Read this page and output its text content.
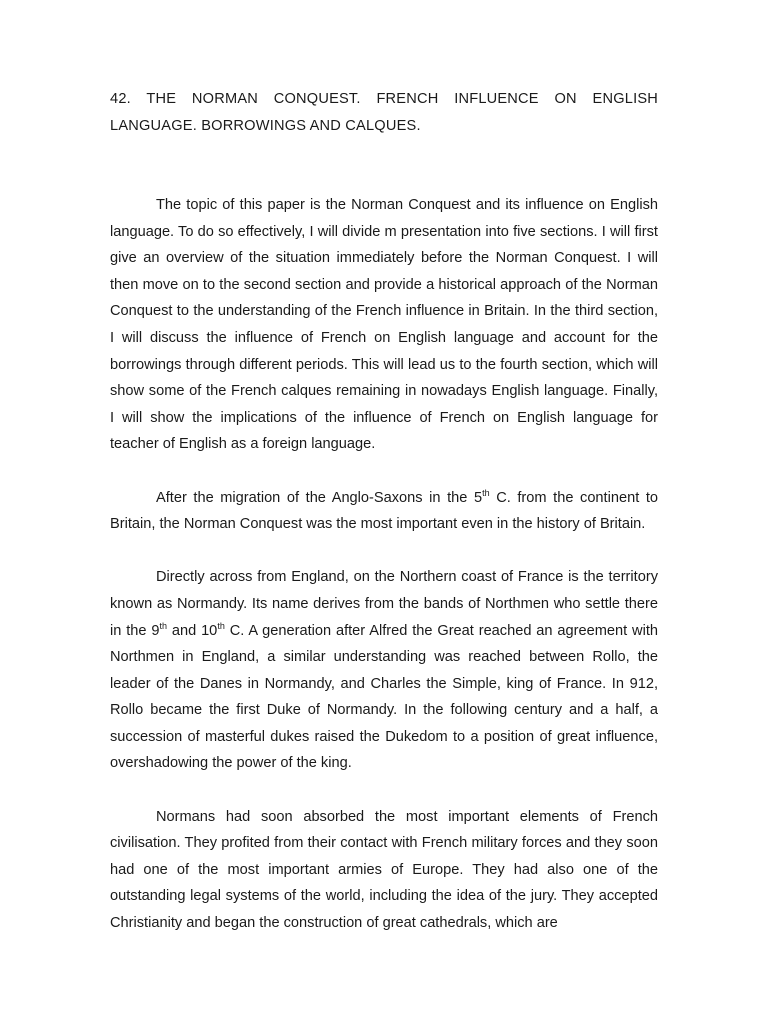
42. THE NORMAN CONQUEST. FRENCH INFLUENCE ON ENGLISH LANGUAGE. BORROWINGS AND CALQUES.

The topic of this paper is the Norman Conquest and its influence on English language. To do so effectively, I will divide m presentation into five sections. I will first give an overview of the situation immediately before the Norman Conquest. I will then move on to the second section and provide a historical approach of the Norman Conquest to the understanding of the French influence in Britain. In the third section, I will discuss the influence of French on English language and account for the borrowings through different periods. This will lead us to the fourth section, which will show some of the French calques remaining in nowadays English language. Finally, I will show the implications of the influence of French on English language for teacher of English as a foreign language.

After the migration of the Anglo-Saxons in the 5th C. from the continent to Britain, the Norman Conquest was the most important even in the history of Britain.

Directly across from England, on the Northern coast of France is the territory known as Normandy. Its name derives from the bands of Northmen who settle there in the 9th and 10th C. A generation after Alfred the Great reached an agreement with Northmen in England, a similar understanding was reached between Rollo, the leader of the Danes in Normandy, and Charles the Simple, king of France. In 912, Rollo became the first Duke of Normandy. In the following century and a half, a succession of masterful dukes raised the Dukedom to a position of great influence, overshadowing the power of the king.

Normans had soon absorbed the most important elements of French civilisation. They profited from their contact with French military forces and they soon had one of the most important armies of Europe. They had also one of the outstanding legal systems of the world, including the idea of the jury. They accepted Christianity and began the construction of great cathedrals, which are
